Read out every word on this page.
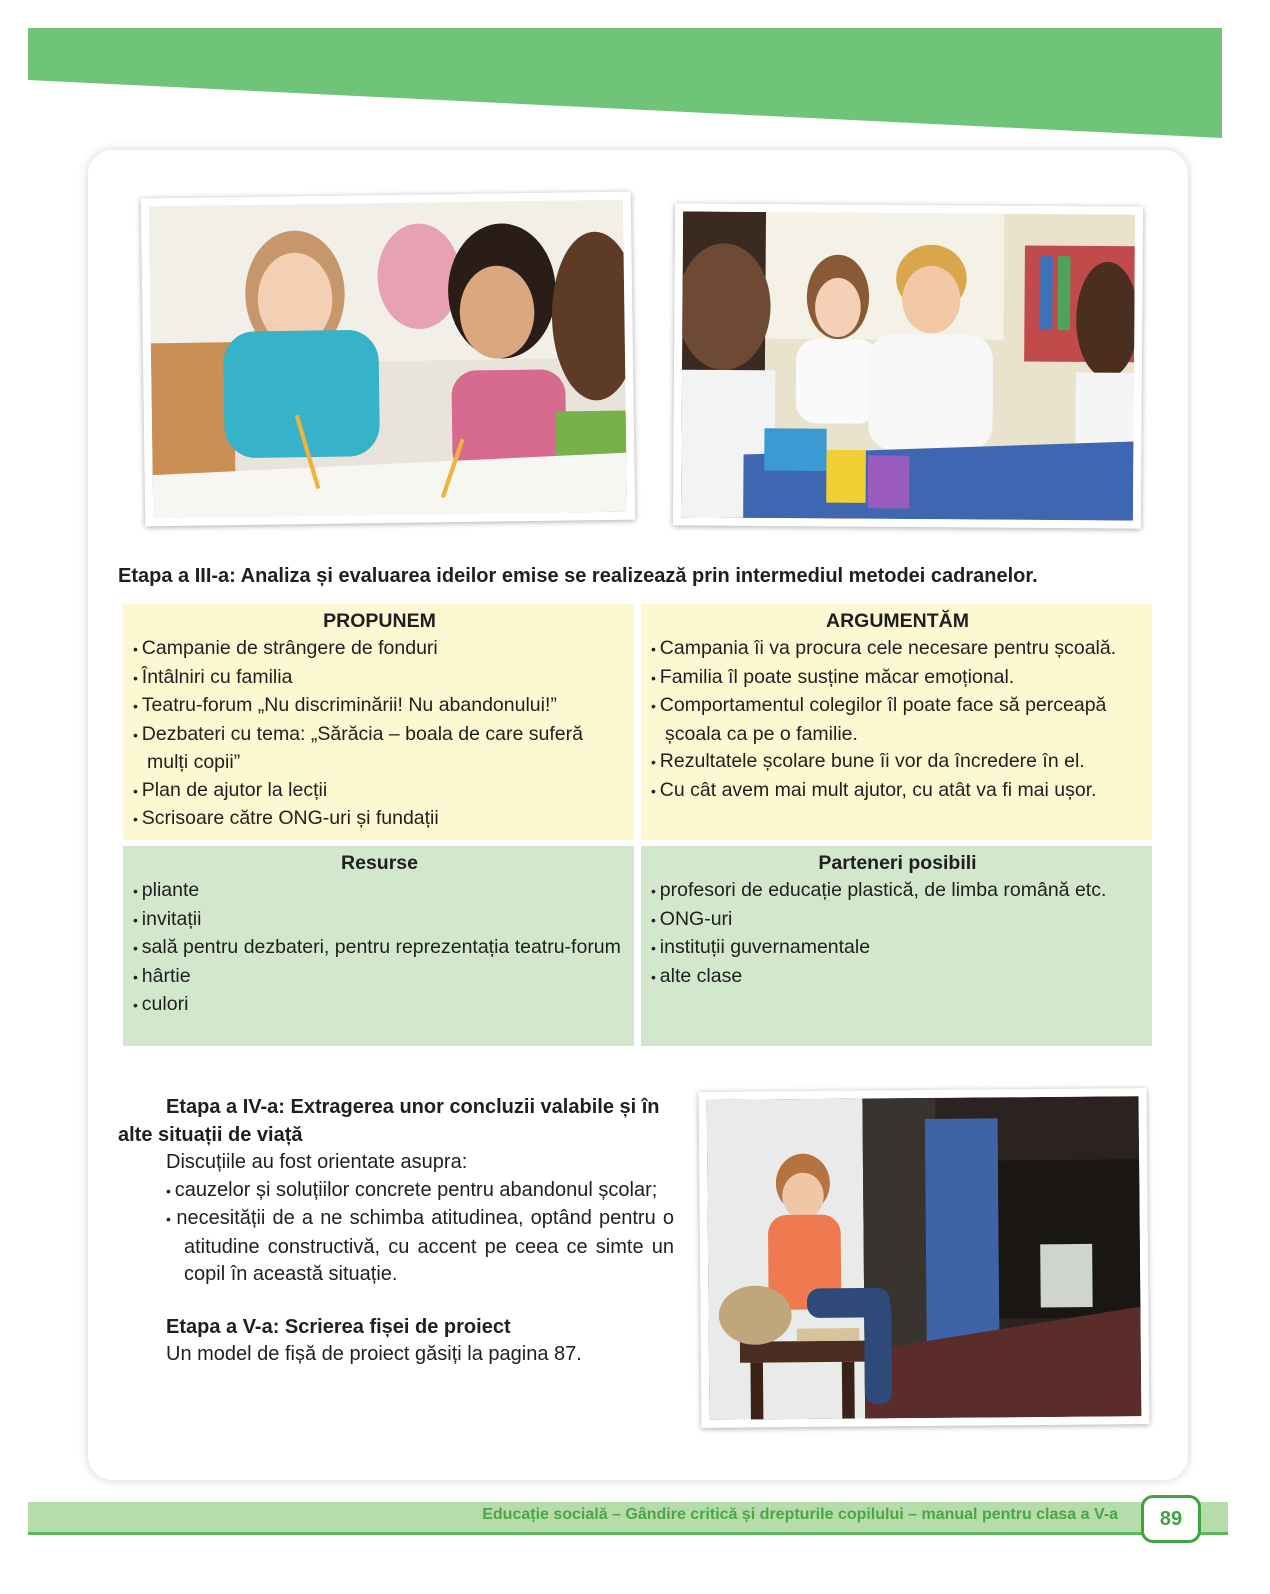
Etapa a III-a: Analiza și evaluarea ideilor emise se realizează prin intermediul metodei cadranelor.

PROPUNEM
• Campanie de strângere de fonduri
• Întâlniri cu familia
• Teatru-forum „Nu discriminării! Nu abandonului!”
• Dezbateri cu tema: „Sărăcia – boala de care suferă mulți copii”
• Plan de ajutor la lecții
• Scrisoare către ONG-uri și fundații
ARGUMENTĂM
• Campania îi va procura cele necesare pentru școală.
• Familia îl poate susține măcar emoțional.
• Comportamentul colegilor îl poate face să perceapă școala ca pe o familie.
• Rezultatele școlare bune îi vor da încredere în el.
• Cu cât avem mai mult ajutor, cu atât va fi mai ușor.
Resurse
• pliante
• invitații
• sală pentru dezbateri, pentru reprezentația teatru-forum
• hârtie
• culori
Parteneri posibili
• profesori de educație plastică, de limba română etc.
• ONG-uri
• instituții guvernamentale
• alte clase

Etapa a IV-a: Extragerea unor concluzii valabile și în alte situații de viață

Discuțiile au fost orientate asupra:

• cauzelor și soluțiilor concrete pentru abandonul școlar;
• necesității de a ne schimba atitudinea, optând pentru o atitudine constructivă, cu accent pe ceea ce simte un copil în această situație.

Etapa a V-a: Scrierea fișei de proiect

Un model de fișă de proiect găsiți la pagina 87.

Educație socială – Gândire critică și drepturile copilului – manual pentru clasa a V-a	89
